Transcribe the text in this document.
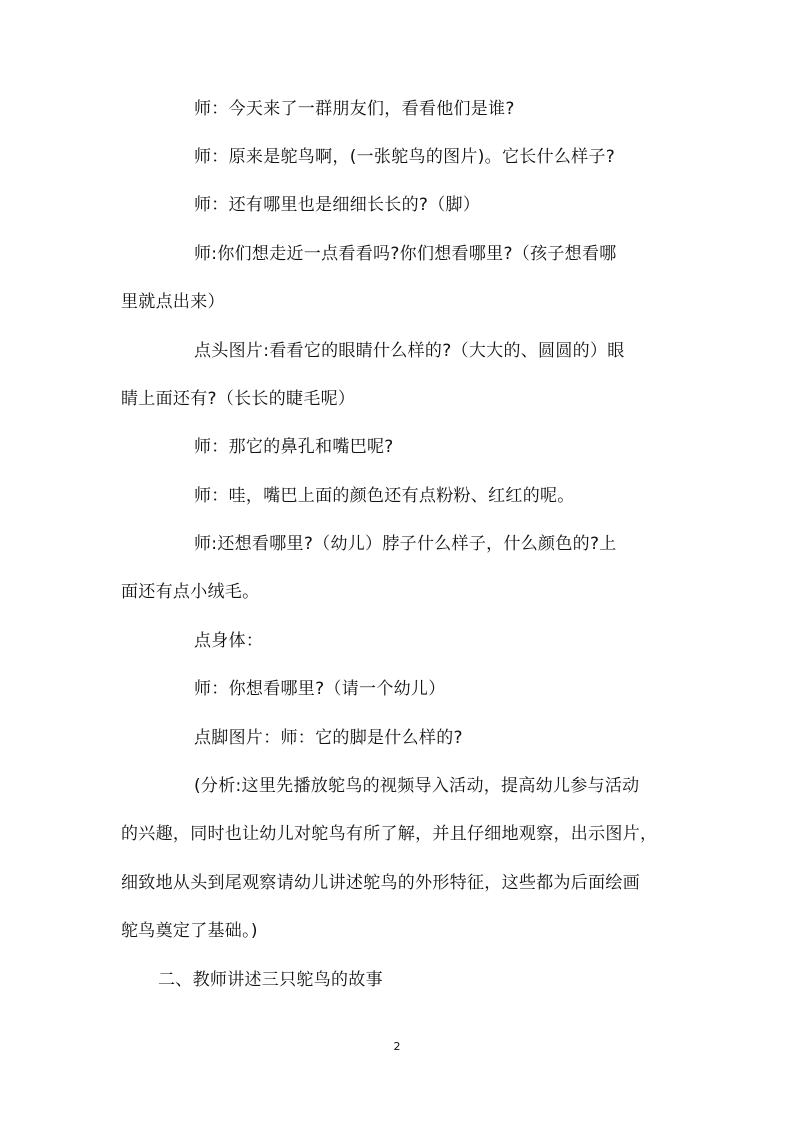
师：今天来了一群朋友们，看看他们是谁?
师：原来是鸵鸟啊，(一张鸵鸟的图片)。它长什么样子?
师：还有哪里也是细细长长的?（脚）
师:你们想走近一点看看吗?你们想看哪里?（孩子想看哪
里就点出来）
点头图片:看看它的眼睛什么样的?（大大的、圆圆的）眼
睛上面还有?（长长的睫毛呢）
师：那它的鼻孔和嘴巴呢?
师：哇，嘴巴上面的颜色还有点粉粉、红红的呢。
师:还想看哪里?（幼儿）脖子什么样子，什么颜色的?上
面还有点小绒毛。
点身体：
师：你想看哪里?（请一个幼儿）
点脚图片：师：它的脚是什么样的?
(分析:这里先播放鸵鸟的视频导入活动，提高幼儿参与活动
的兴趣，同时也让幼儿对鸵鸟有所了解，并且仔细地观察，出示图片，
细致地从头到尾观察请幼儿讲述鸵鸟的外形特征，这些都为后面绘画
鸵鸟奠定了基础。)
二、教师讲述三只鸵鸟的故事
2
